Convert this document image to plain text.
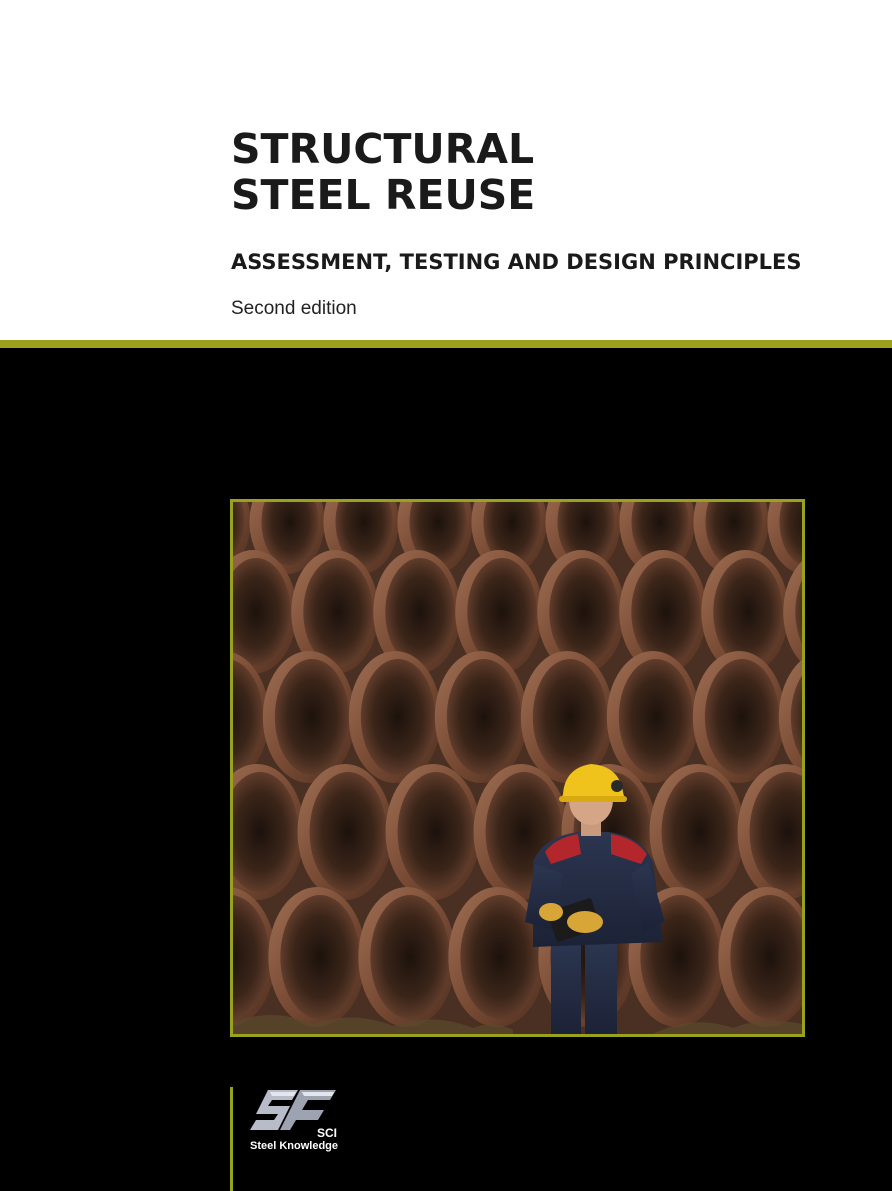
STRUCTURAL
STEEL REUSE
ASSESSMENT, TESTING AND DESIGN PRINCIPLES

Second edition

SCI
Steel Knowledge
